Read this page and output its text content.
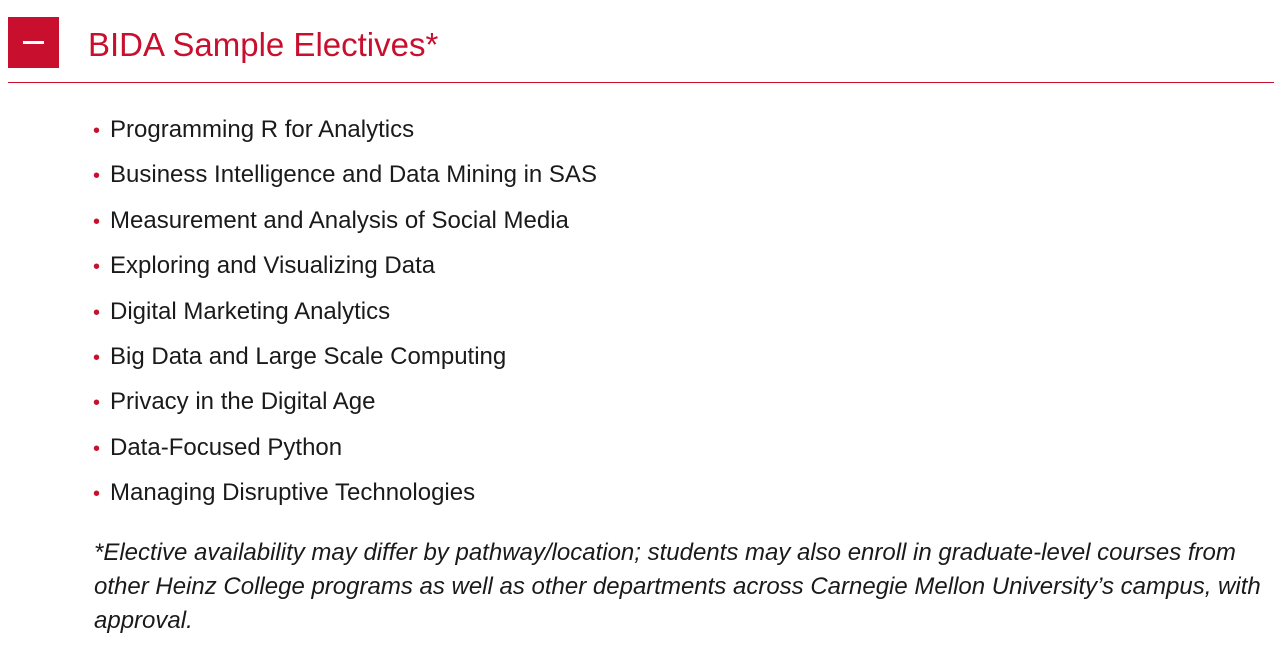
BIDA Sample Electives*
• Programming R for Analytics
• Business Intelligence and Data Mining in SAS
• Measurement and Analysis of Social Media
• Exploring and Visualizing Data
• Digital Marketing Analytics
• Big Data and Large Scale Computing
• Privacy in the Digital Age
• Data-Focused Python
• Managing Disruptive Technologies

*Elective availability may differ by pathway/location; students may also enroll in graduate-level courses from other Heinz College programs as well as other departments across Carnegie Mellon University’s campus, with approval.
